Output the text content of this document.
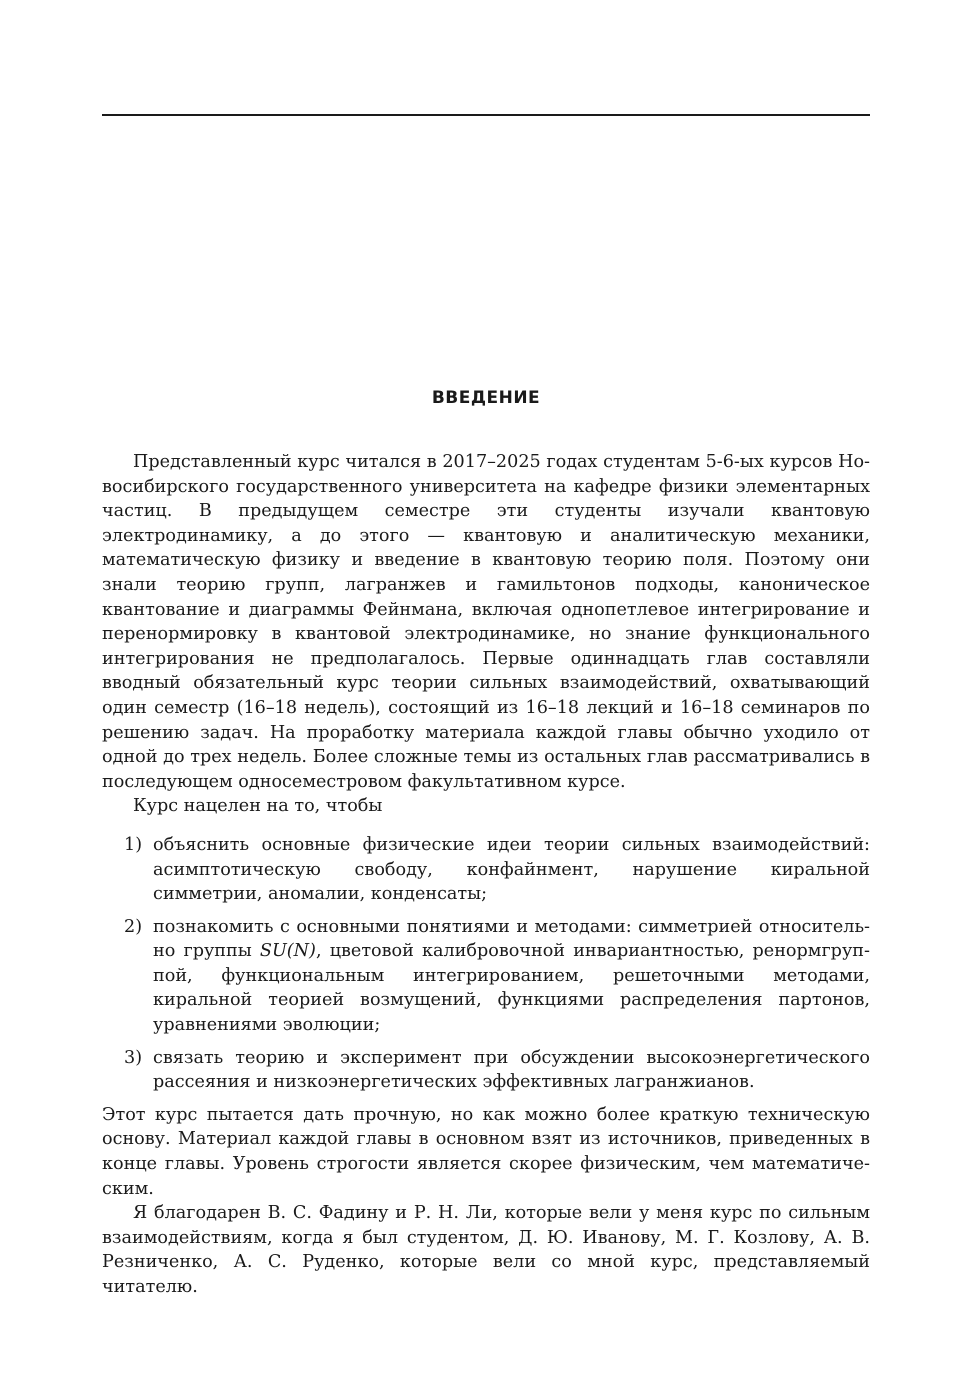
ВВЕДЕНИЕ

Представленный курс читался в 2017–2025 годах студентам 5-6-ых курсов Новосибирского государственного университета на кафедре физики элементарных частиц. В предыдущем семестре эти студенты изучали квантовую электродинамику, а до этого — квантовую и аналитическую механики, математическую физику и введение в квантовую теорию поля. Поэтому они знали теорию групп, лагранжев и гамильтонов подходы, каноническое квантование и диаграммы Фейнмана, включая однопетлевое интегрирование и перенормировку в квантовой электродинамике, но знание функционального интегрирования не предполагалось. Первые одиннадцать глав составляли вводный обязательный курс теории сильных взаимодействий, охватывающий один семестр (16–18 недель), состоящий из 16–18 лекций и 16–18 семинаров по решению задач. На проработку материала каждой главы обычно уходило от одной до трех недель. Более сложные темы из остальных глав рассматривались в последующем односеместровом факультативном курсе.

Курс нацелен на то, чтобы

1) объяснить основные физические идеи теории сильных взаимодействий: асимптотическую свободу, конфайнмент, нарушение киральной симметрии, аномалии, конденсаты;
2) познакомить с основными понятиями и методами: симметрией относительно группы SU(N), цветовой калибровочной инвариантностью, ренормгруппой, функциональным интегрированием, решеточными методами, киральной теорией возмущений, функциями распределения партонов, уравнениями эволюции;
3) связать теорию и эксперимент при обсуждении высокоэнергетического рассеяния и низкоэнергетических эффективных лагранжианов.

Этот курс пытается дать прочную, но как можно более краткую техническую основу. Материал каждой главы в основном взят из источников, приведенных в конце главы. Уровень строгости является скорее физическим, чем математическим.

Я благодарен В. С. Фадину и Р. Н. Ли, которые вели у меня курс по сильным взаимодействиям, когда я был студентом, Д. Ю. Иванову, М. Г. Козлову, А. В. Резниченко, А. С. Руденко, которые вели со мной курс, представляемый читателю.
